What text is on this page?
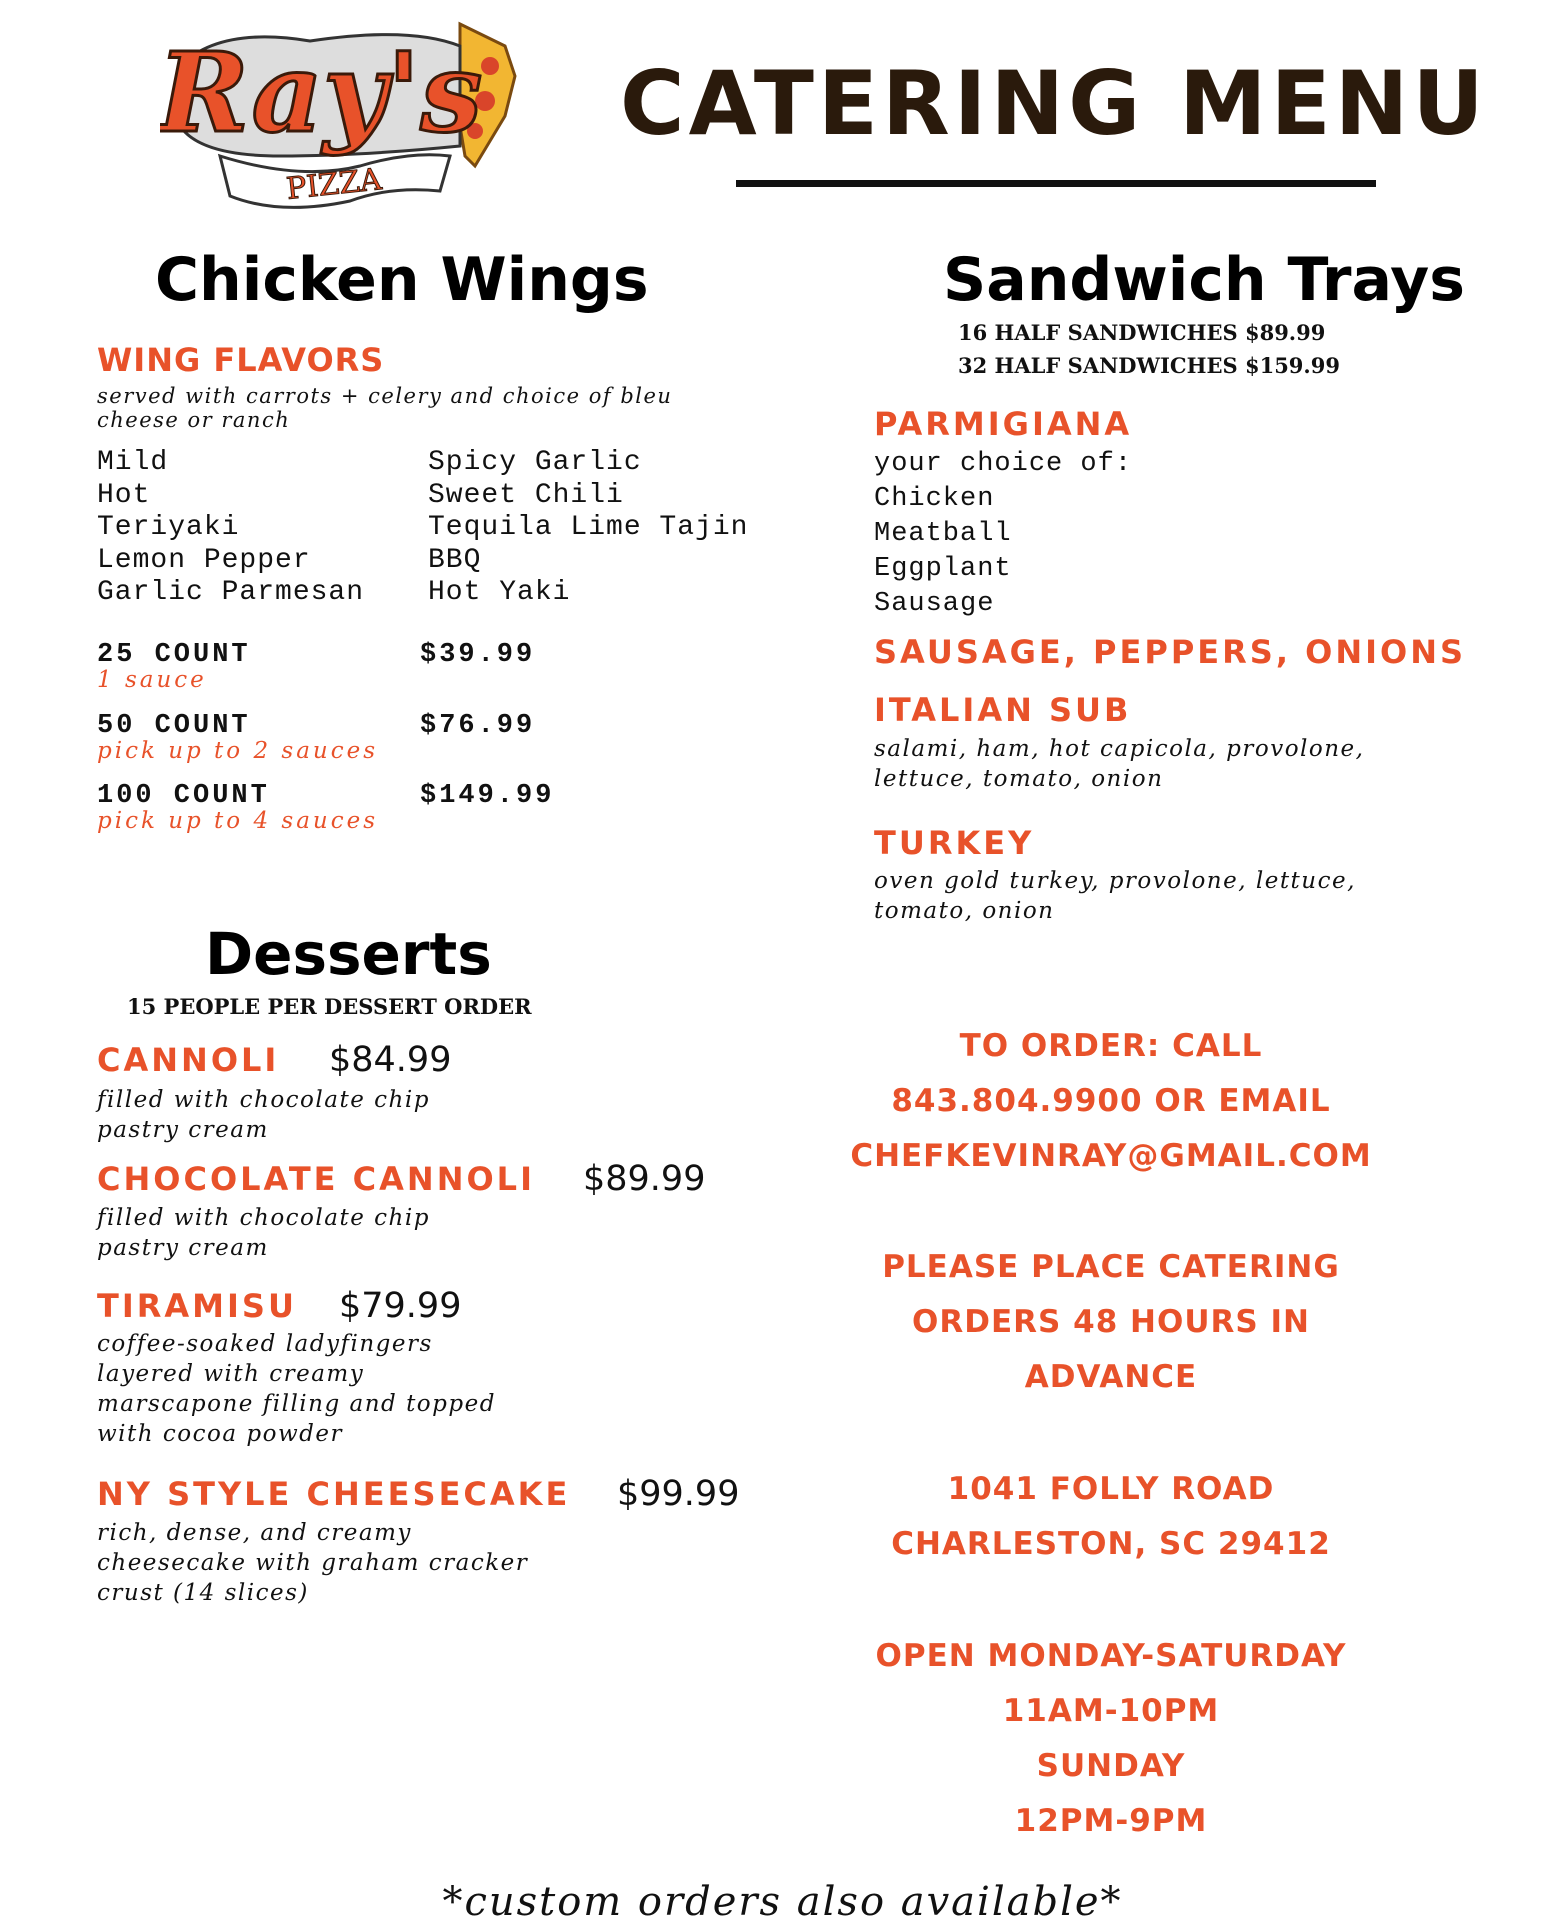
Ray's
PIZZA
CATERING MENU
Chicken Wings
WING FLAVORS
served with carrots + celery and choice of bleu cheese or ranch
Mild
Hot
Teriyaki
Lemon Pepper
Garlic Parmesan
Spicy Garlic
Sweet Chili
Tequila Lime Tajin
BBQ
Hot Yaki
25 COUNT
1 sauce
$39.99
50 COUNT
pick up to 2 sauces
$76.99
100 COUNT
pick up to 4 sauces
$149.99
Desserts
15 PEOPLE PER DESSERT ORDER
CANNOLI $84.99
filled with chocolate chip
pastry cream
CHOCOLATE CANNOLI $89.99
filled with chocolate chip
pastry cream
TIRAMISU $79.99
coffee-soaked ladyfingers
layered with creamy
marscapone filling and topped
with cocoa powder
NY STYLE CHEESECAKE $99.99
rich, dense, and creamy
cheesecake with graham cracker
crust (14 slices)
Sandwich Trays
16 HALF SANDWICHES $89.99
32 HALF SANDWICHES $159.99
PARMIGIANA
your choice of:
Chicken
Meatball
Eggplant
Sausage
SAUSAGE, PEPPERS, ONIONS
ITALIAN SUB
salami, ham, hot capicola, provolone,
lettuce, tomato, onion
TURKEY
oven gold turkey, provolone, lettuce,
tomato, onion
TO ORDER: CALL
843.804.9900 OR EMAIL
CHEFKEVINRAY@GMAIL.COM
PLEASE PLACE CATERING
ORDERS 48 HOURS IN
ADVANCE
1041 FOLLY ROAD
CHARLESTON, SC 29412
OPEN MONDAY-SATURDAY
11AM-10PM
SUNDAY
12PM-9PM
*custom orders also available*
